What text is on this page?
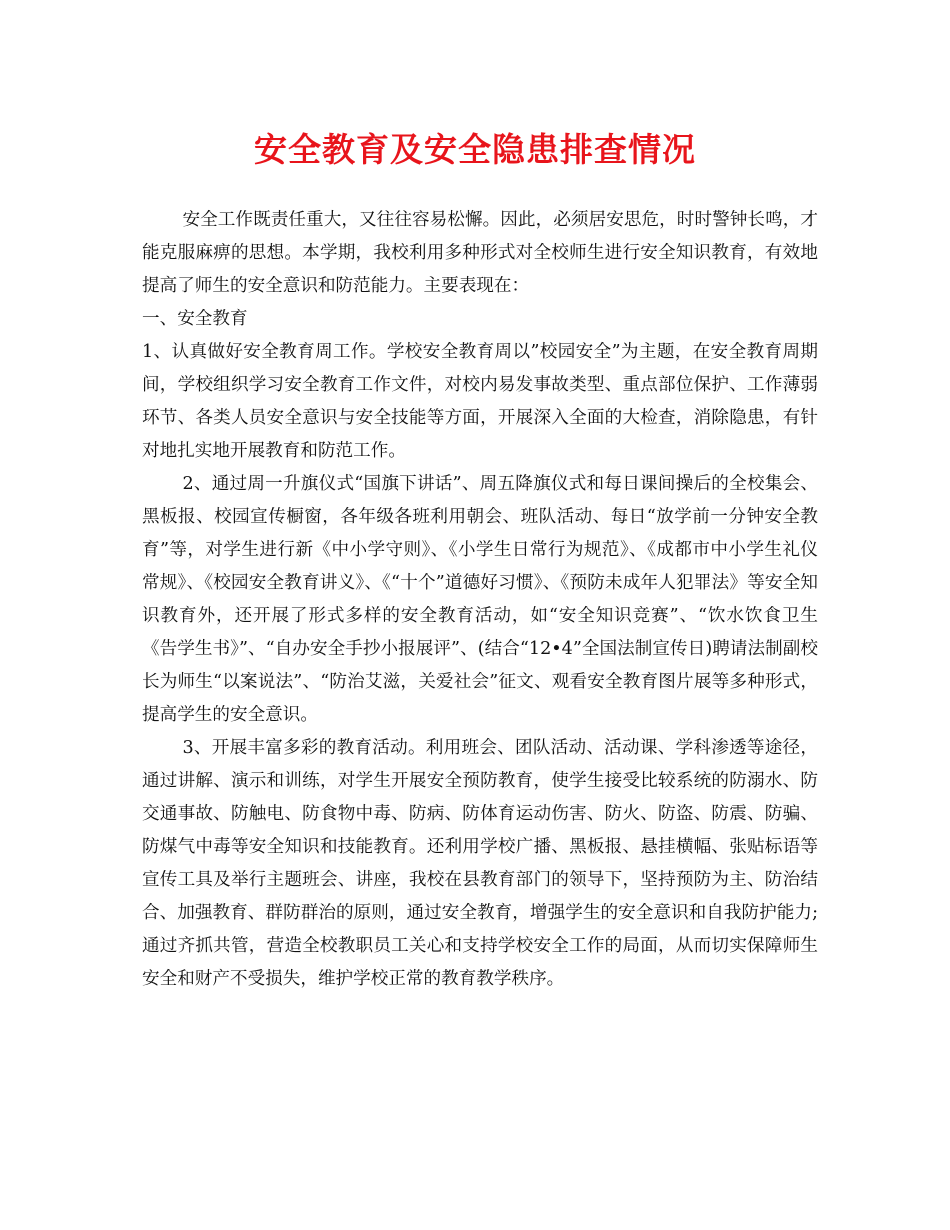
安全教育及安全隐患排查情况

安全工作既责任重大，又往往容易松懈。因此，必须居安思危，时时警钟长鸣，才能克服麻痹的思想。本学期，我校利用多种形式对全校师生进行安全知识教育，有效地提高了师生的安全意识和防范能力。主要表现在：

一、安全教育

1、认真做好安全教育周工作。学校安全教育周以”校园安全”为主题，在安全教育周期间，学校组织学习安全教育工作文件，对校内易发事故类型、重点部位保护、工作薄弱环节、各类人员安全意识与安全技能等方面，开展深入全面的大检查，消除隐患，有针对地扎实地开展教育和防范工作。

2、通过周一升旗仪式“国旗下讲话”、周五降旗仪式和每日课间操后的全校集会、黑板报、校园宣传橱窗，各年级各班利用朝会、班队活动、每日“放学前一分钟安全教育”等，对学生进行新《中小学守则》、《小学生日常行为规范》、《成都市中小学生礼仪常规》、《校园安全教育讲义》、《“十个”道德好习惯》、《预防未成年人犯罪法》等安全知识教育外，还开展了形式多样的安全教育活动，如“安全知识竞赛”、“饮水饮食卫生《告学生书》”、“自办安全手抄小报展评”、(结合“12•4”全国法制宣传日)聘请法制副校长为师生“以案说法”、“防治艾滋，关爱社会”征文、观看安全教育图片展等多种形式，提高学生的安全意识。

3、开展丰富多彩的教育活动。利用班会、团队活动、活动课、学科渗透等途径，通过讲解、演示和训练，对学生开展安全预防教育，使学生接受比较系统的防溺水、防交通事故、防触电、防食物中毒、防病、防体育运动伤害、防火、防盗、防震、防骗、防煤气中毒等安全知识和技能教育。还利用学校广播、黑板报、悬挂横幅、张贴标语等宣传工具及举行主题班会、讲座，我校在县教育部门的领导下，坚持预防为主、防治结合、加强教育、群防群治的原则，通过安全教育，增强学生的安全意识和自我防护能力;通过齐抓共管，营造全校教职员工关心和支持学校安全工作的局面，从而切实保障师生安全和财产不受损失，维护学校正常的教育教学秩序。
